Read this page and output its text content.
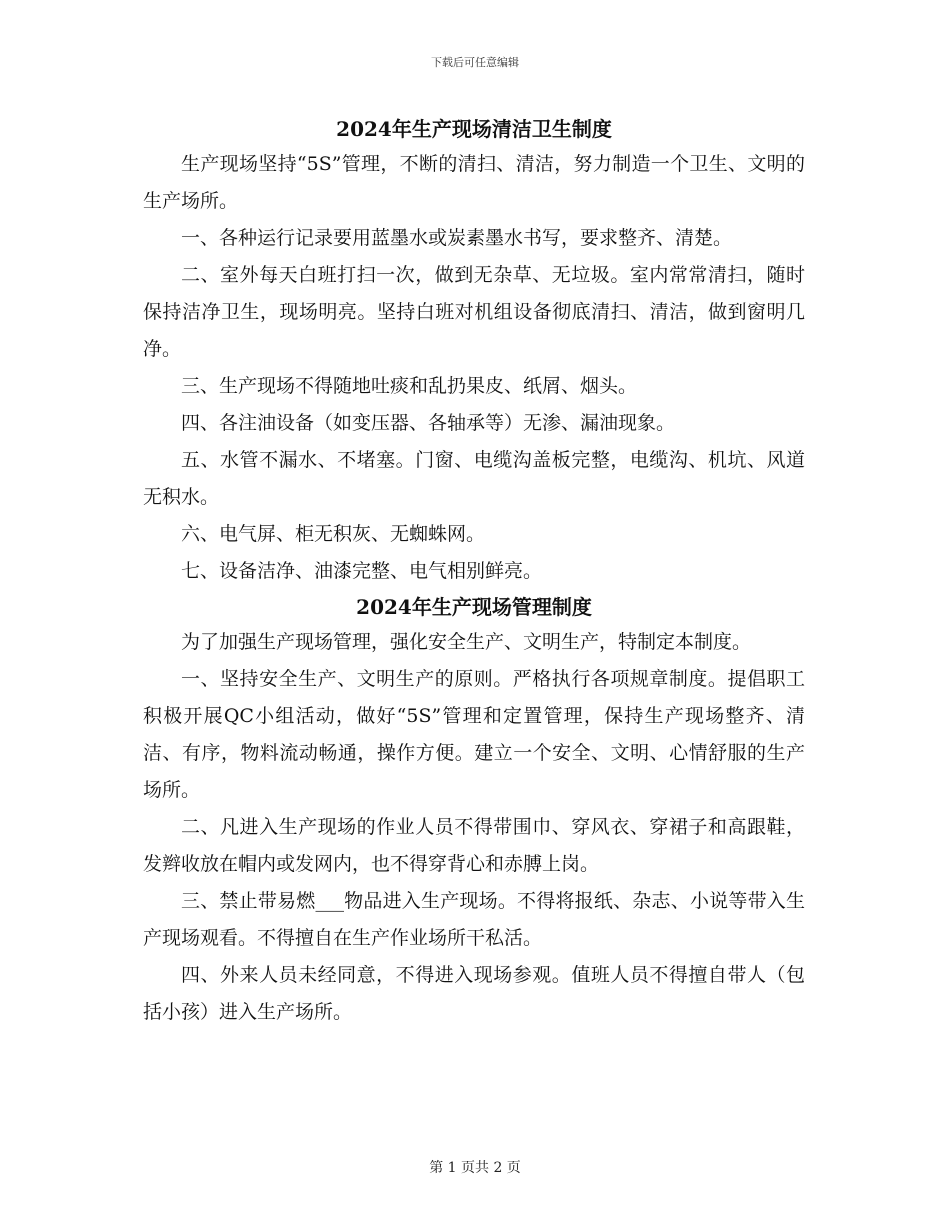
下载后可任意编辑
2024年生产现场清洁卫生制度

生产现场坚持“5S”管理，不断的清扫、清洁，努力制造一个卫生、文明的生产场所。

一、各种运行记录要用蓝墨水或炭素墨水书写，要求整齐、清楚。

二、室外每天白班打扫一次，做到无杂草、无垃圾。室内常常清扫，随时保持洁净卫生，现场明亮。坚持白班对机组设备彻底清扫、清洁，做到窗明几净。

三、生产现场不得随地吐痰和乱扔果皮、纸屑、烟头。

四、各注油设备（如变压器、各轴承等）无渗、漏油现象。

五、水管不漏水、不堵塞。门窗、电缆沟盖板完整，电缆沟、机坑、风道无积水。

六、电气屏、柜无积灰、无蜘蛛网。

七、设备洁净、油漆完整、电气相别鲜亮。

2024年生产现场管理制度

为了加强生产现场管理，强化安全生产、文明生产，特制定本制度。

一、坚持安全生产、文明生产的原则。严格执行各项规章制度。提倡职工积极开展QC小组活动，做好“5S”管理和定置管理，保持生产现场整齐、清洁、有序，物料流动畅通，操作方便。建立一个安全、文明、心情舒服的生产场所。

二、凡进入生产现场的作业人员不得带围巾、穿风衣、穿裙子和高跟鞋，发辫收放在帽内或发网内，也不得穿背心和赤膊上岗。

三、禁止带易燃___物品进入生产现场。不得将报纸、杂志、小说等带入生产现场观看。不得擅自在生产作业场所干私活。

四、外来人员未经同意，不得进入现场参观。值班人员不得擅自带人（包括小孩）进入生产场所。

第 1 页共 2 页
